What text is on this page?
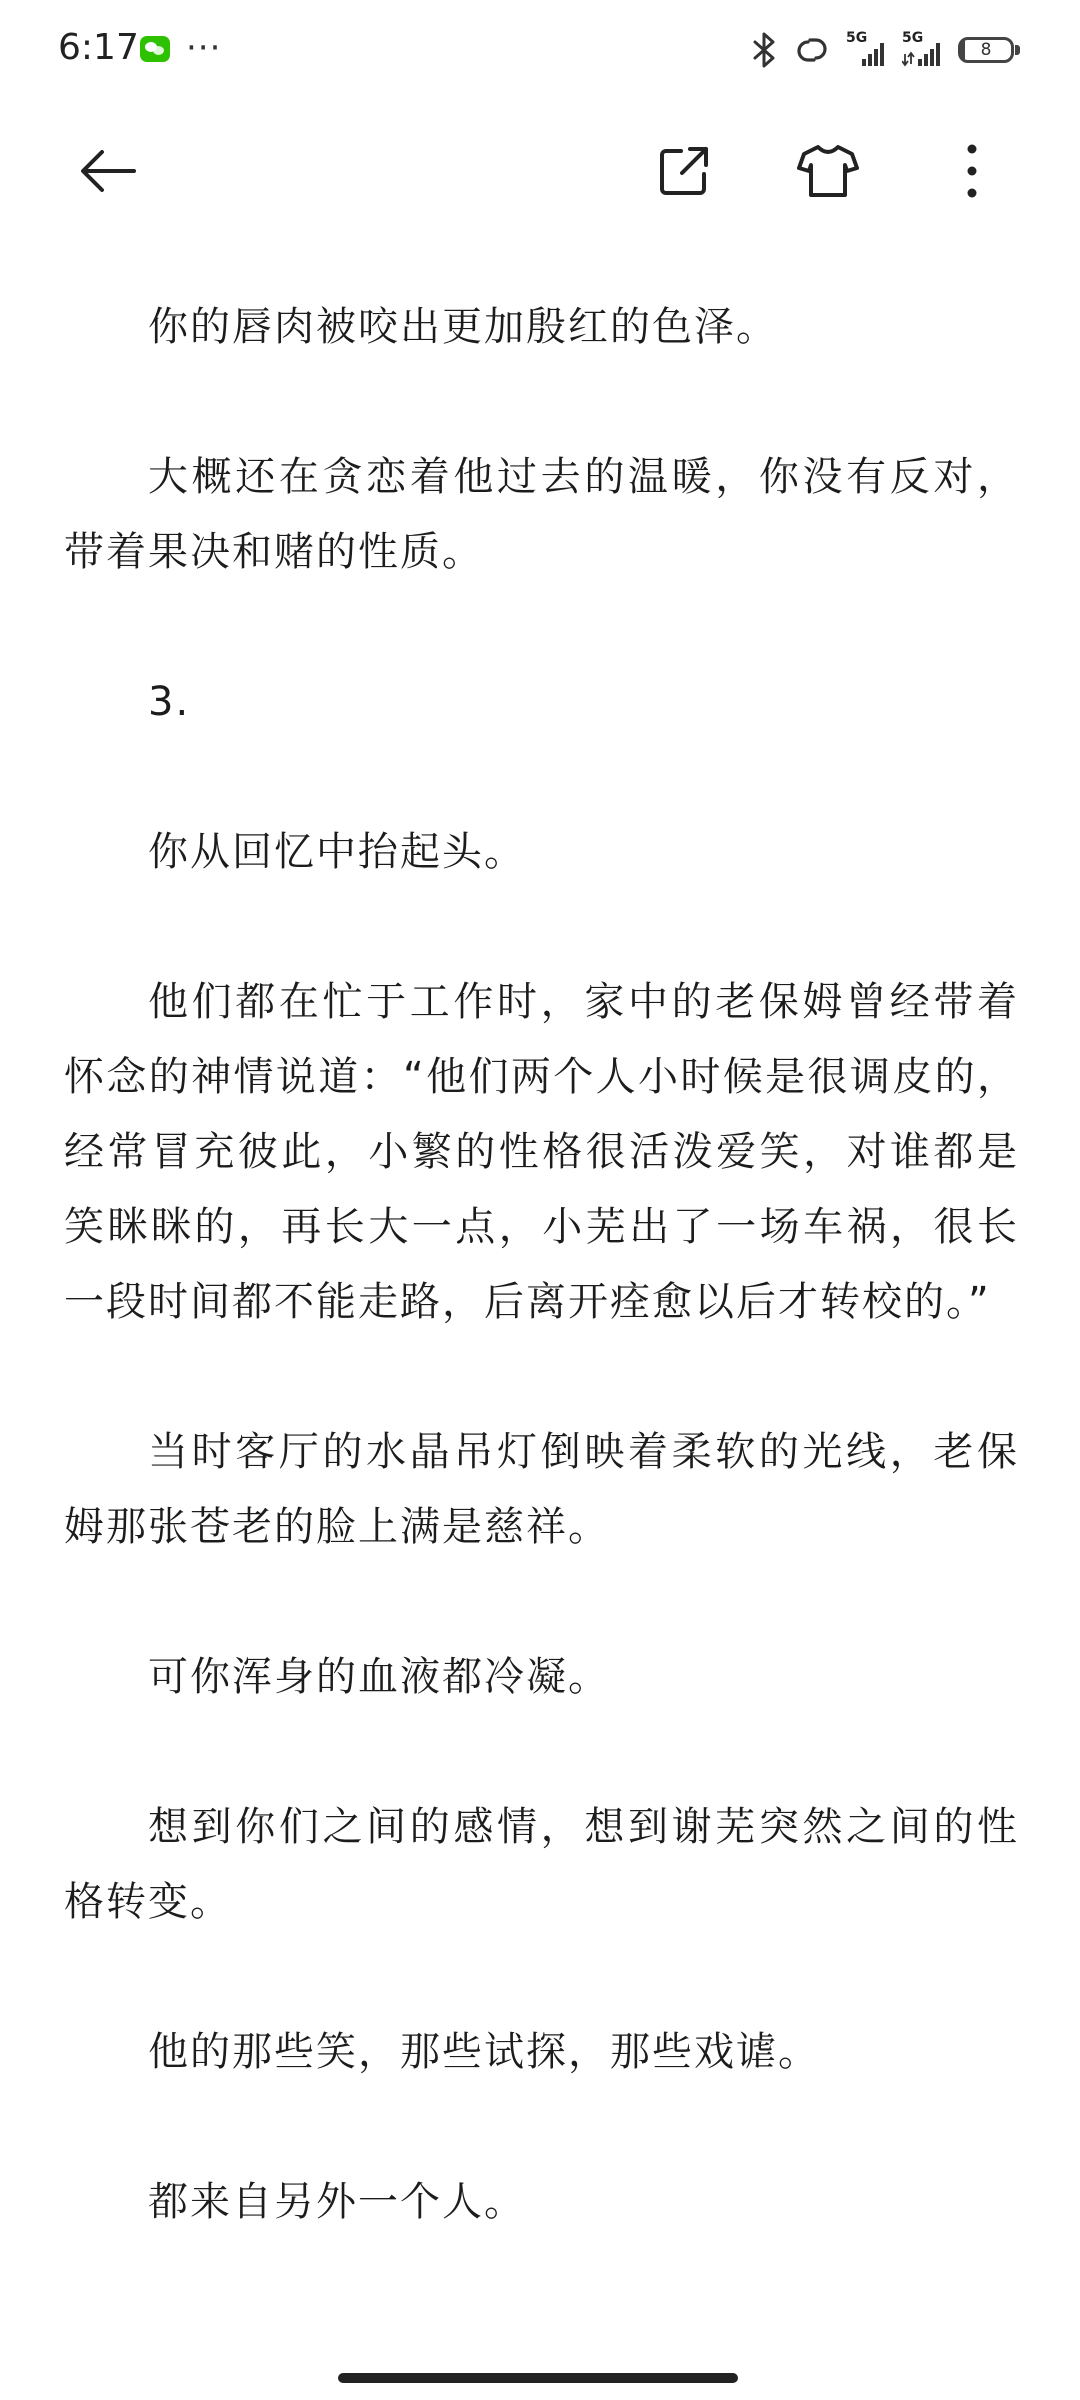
6:17 ···	5G 5G
8

你的唇肉被咬出更加殷红的色泽。

大概还在贪恋着他过去的温暖，你没有反对，带着果决和赌的性质。

3.

你从回忆中抬起头。

他们都在忙于工作时，家中的老保姆曾经带着怀念的神情说道：“他们两个人小时候是很调皮的，经常冒充彼此，小繁的性格很活泼爱笑，对谁都是笑眯眯的，再长大一点，小芜出了一场车祸，很长一段时间都不能走路，后离开痊愈以后才转校的。”

当时客厅的水晶吊灯倒映着柔软的光线，老保姆那张苍老的脸上满是慈祥。

可你浑身的血液都冷凝。

想到你们之间的感情，想到谢芜突然之间的性格转变。

他的那些笑，那些试探，那些戏谑。

都来自另外一个人。
